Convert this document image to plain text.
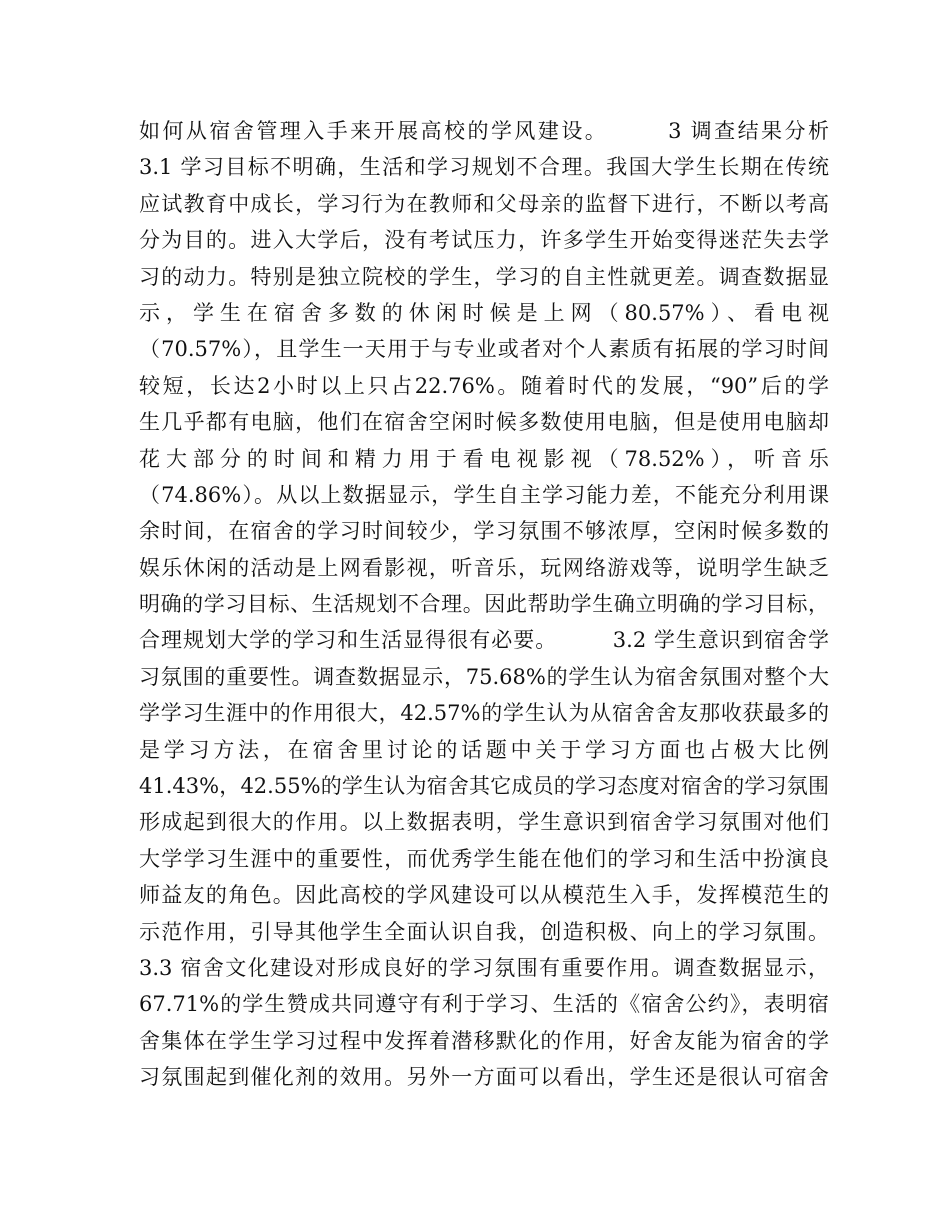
如何从宿舍管理入手来开展高校的学风建设。　　　3 调查结果分析
3.1 学习目标不明确，生活和学习规划不合理。我国大学生长期在传统
应试教育中成长，学习行为在教师和父母亲的监督下进行，不断以考高
分为目的。进入大学后，没有考试压力，许多学生开始变得迷茫失去学
习的动力。特别是独立院校的学生，学习的自主性就更差。调查数据显
示，学生在宿舍多数的休闲时候是上网（80.57%）、看电视
（70.57%），且学生一天用于与专业或者对个人素质有拓展的学习时间
较短，长达2小时以上只占22.76%。随着时代的发展，“90”后的学
生几乎都有电脑，他们在宿舍空闲时候多数使用电脑，但是使用电脑却
花大部分的时间和精力用于看电视影视（78.52%），听音乐
（74.86%）。从以上数据显示，学生自主学习能力差，不能充分利用课
余时间，在宿舍的学习时间较少，学习氛围不够浓厚，空闲时候多数的
娱乐休闲的活动是上网看影视，听音乐，玩网络游戏等，说明学生缺乏
明确的学习目标、生活规划不合理。因此帮助学生确立明确的学习目标，
合理规划大学的学习和生活显得很有必要。　　　3.2 学生意识到宿舍学
习氛围的重要性。调查数据显示，75.68%的学生认为宿舍氛围对整个大
学学习生涯中的作用很大，42.57%的学生认为从宿舍舍友那收获最多的
是学习方法，在宿舍里讨论的话题中关于学习方面也占极大比例
41.43%，42.55%的学生认为宿舍其它成员的学习态度对宿舍的学习氛围
形成起到很大的作用。以上数据表明，学生意识到宿舍学习氛围对他们
大学学习生涯中的重要性，而优秀学生能在他们的学习和生活中扮演良
师益友的角色。因此高校的学风建设可以从模范生入手，发挥模范生的
示范作用，引导其他学生全面认识自我，创造积极、向上的学习氛围。
3.3 宿舍文化建设对形成良好的学习氛围有重要作用。调查数据显示，
67.71%的学生赞成共同遵守有利于学习、生活的《宿舍公约》，表明宿
舍集体在学生学习过程中发挥着潜移默化的作用，好舍友能为宿舍的学
习氛围起到催化剂的效用。另外一方面可以看出，学生还是很认可宿舍
